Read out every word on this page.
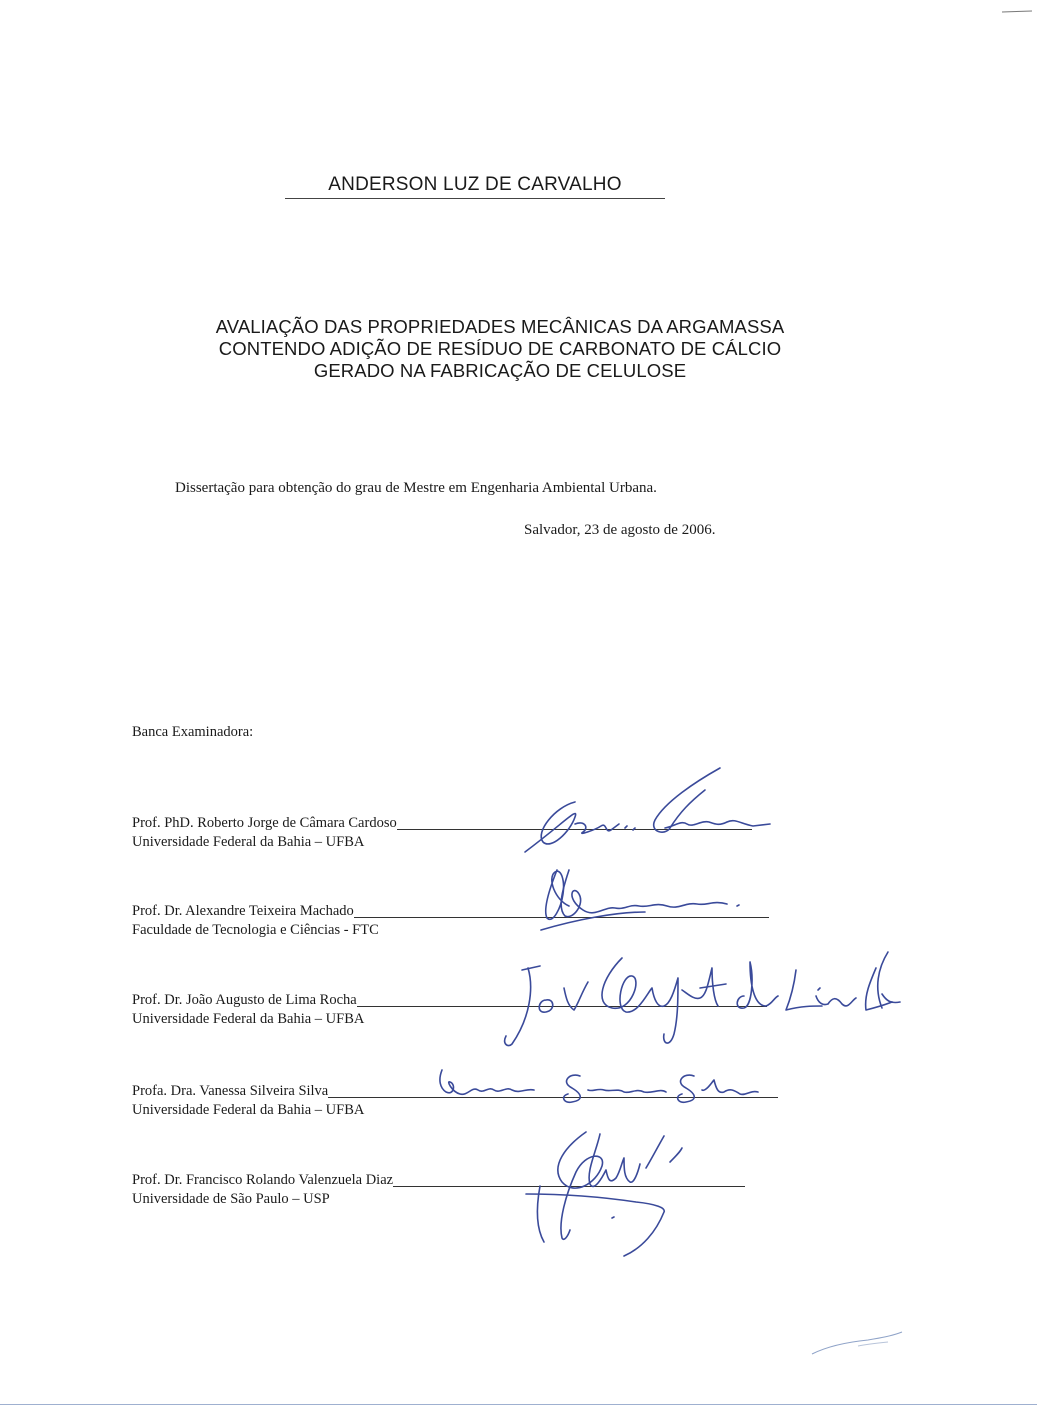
ANDERSON LUZ DE CARVALHO
AVALIAÇÃO DAS PROPRIEDADES MECÂNICAS DA ARGAMASSA
CONTENDO ADIÇÃO DE RESÍDUO DE CARBONATO DE CÁLCIO
GERADO NA FABRICAÇÃO DE CELULOSE
Dissertação para obtenção do grau de Mestre em Engenharia Ambiental Urbana.
Salvador, 23 de agosto de 2006.
Banca Examinadora:
Prof. PhD. Roberto Jorge de Câmara Cardoso
Universidade Federal da Bahia – UFBA
Prof. Dr. Alexandre Teixeira Machado
Faculdade de Tecnologia e Ciências - FTC
Prof. Dr. João Augusto de Lima Rocha
Universidade Federal da Bahia – UFBA
Profa. Dra. Vanessa Silveira Silva
Universidade Federal da Bahia – UFBA
Prof. Dr. Francisco Rolando Valenzuela Diaz
Universidade de São Paulo – USP
